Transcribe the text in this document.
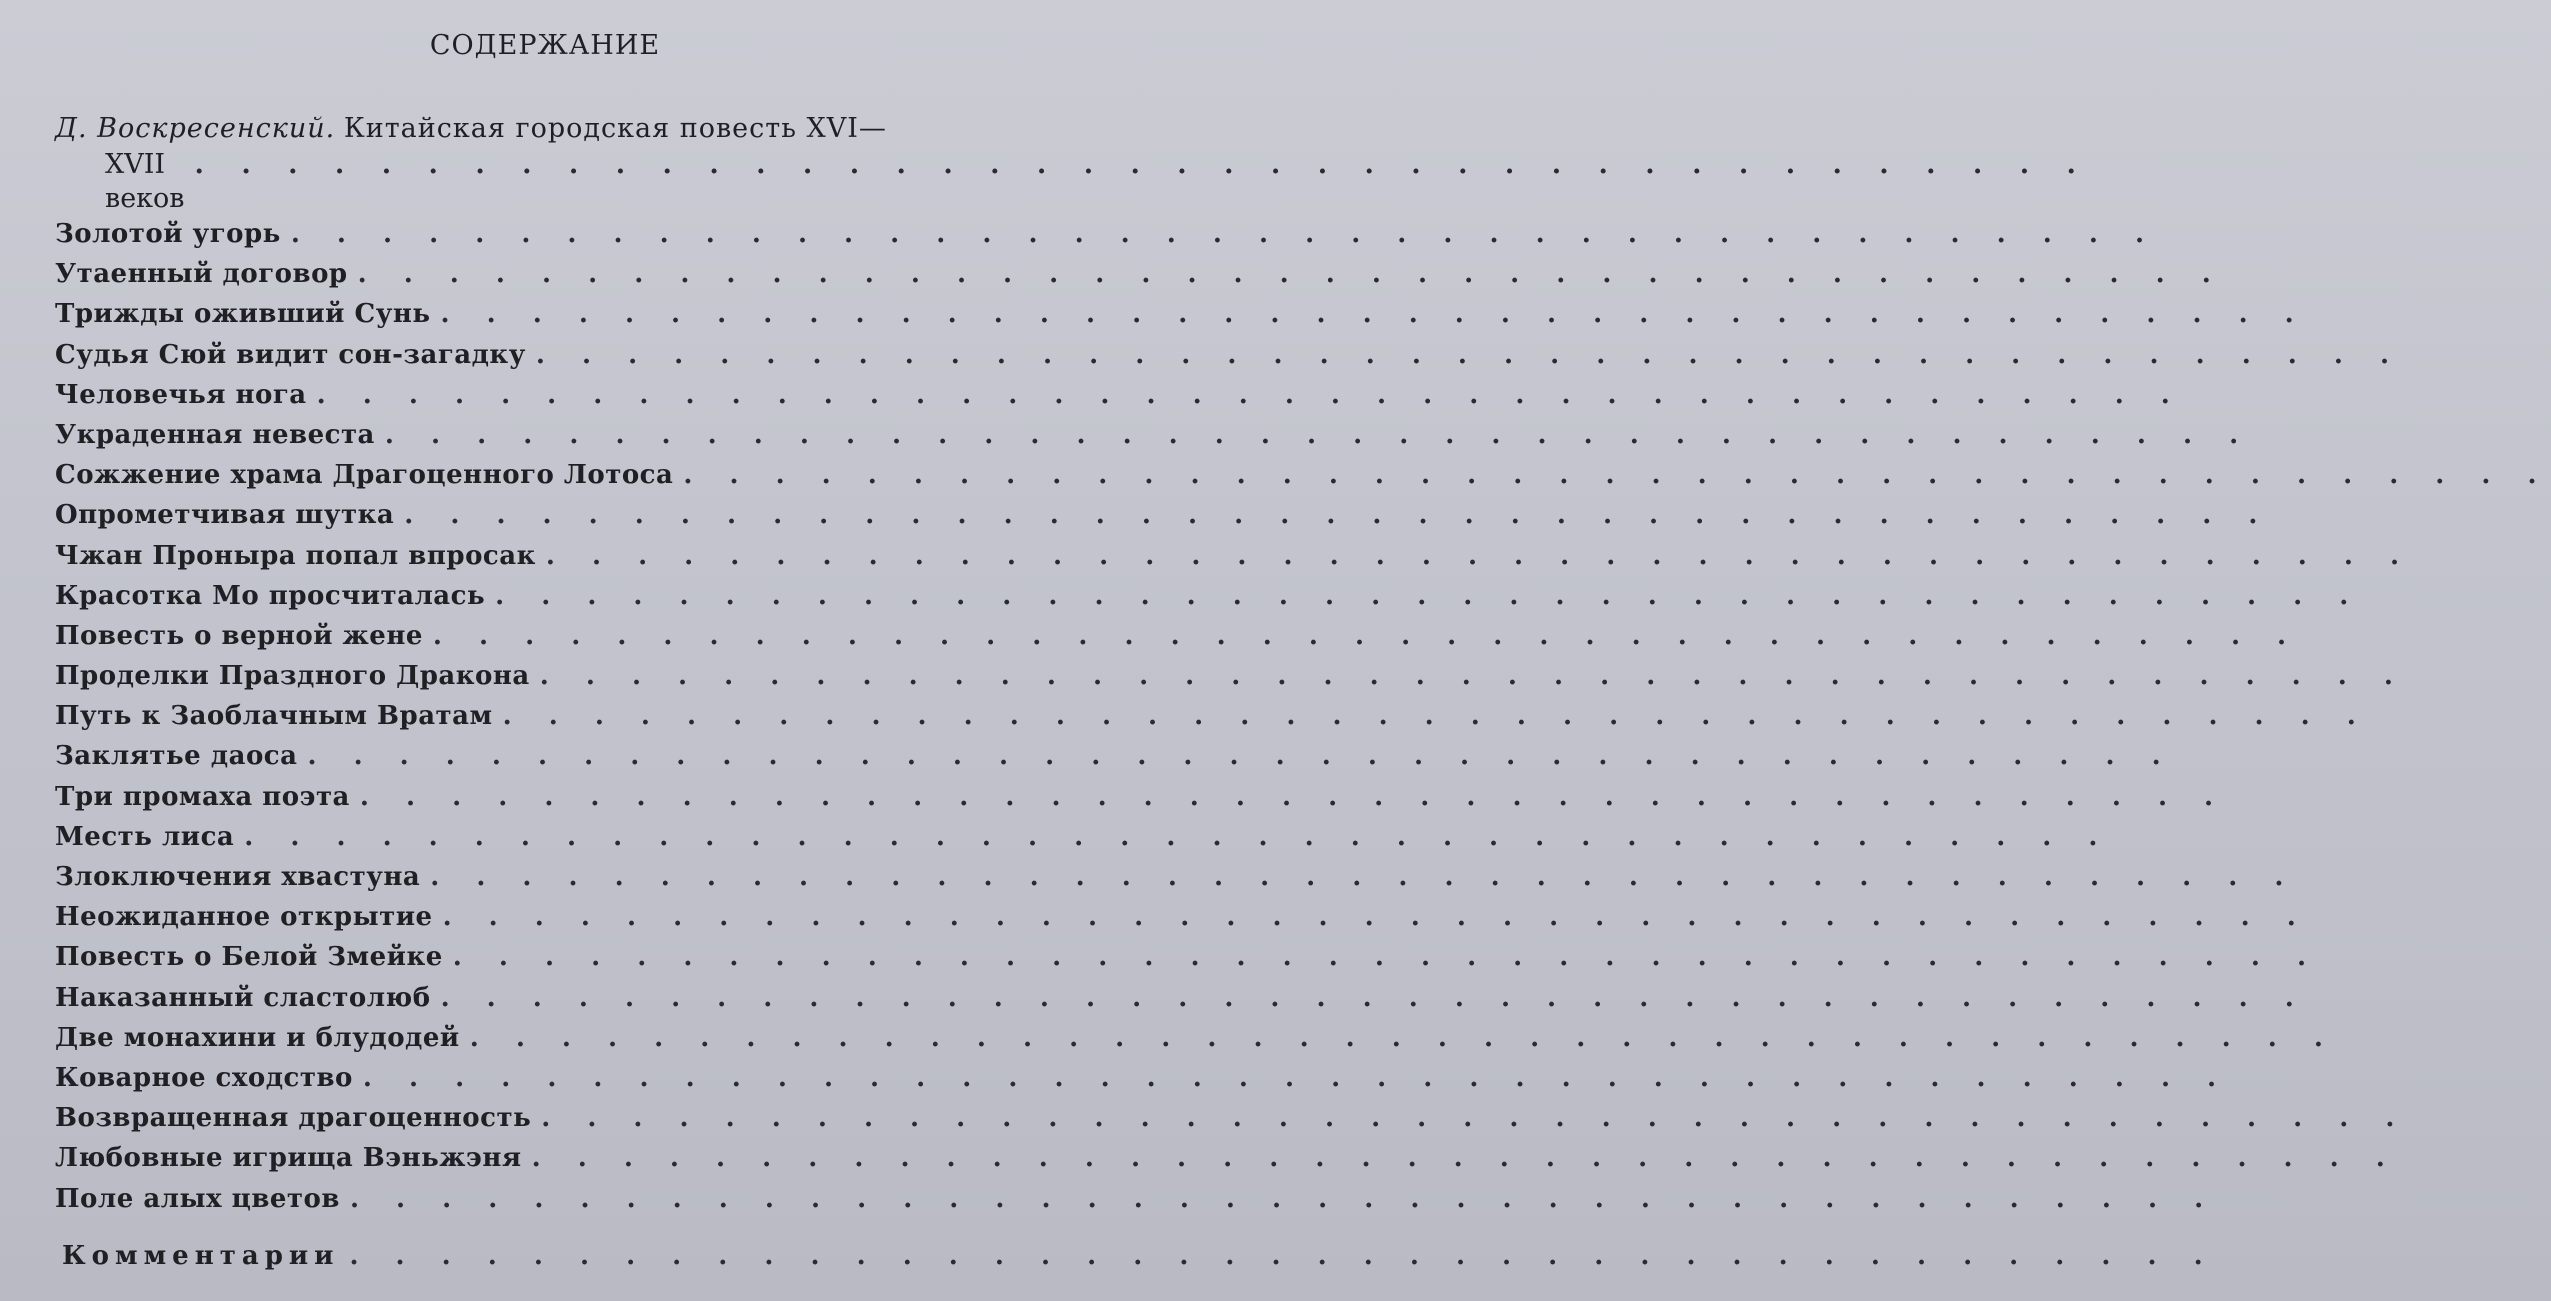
СОДЕРЖАНИЕ
Д. Воскресенский. Китайская городская повесть XVI—
XVII веков
. . . . . . . . . . . . . . . . . . . . . . . . . . . . . . . . . . . . . . . . .
Золотой угорь . . . . . . . . . . . . . . . . . . . . . . . . . . . . . . . . . . . . . . . . .
Утаенный договор . . . . . . . . . . . . . . . . . . . . . . . . . . . . . . . . . . . . . . . . .
Трижды оживший Сунь . . . . . . . . . . . . . . . . . . . . . . . . . . . . . . . . . . . . . . . . .
Судья Сюй видит сон-загадку . . . . . . . . . . . . . . . . . . . . . . . . . . . . . . . . . . . . . . . . .
Человечья нога . . . . . . . . . . . . . . . . . . . . . . . . . . . . . . . . . . . . . . . . .
Украденная невеста . . . . . . . . . . . . . . . . . . . . . . . . . . . . . . . . . . . . . . . . .
Сожжение храма Драгоценного Лотоса . . . . . . . . . . . . . . . . . . . . . . . . . . . . . . . . . . . . . . . . .
Опрометчивая шутка . . . . . . . . . . . . . . . . . . . . . . . . . . . . . . . . . . . . . . . . .
Чжан Проныра попал впросак . . . . . . . . . . . . . . . . . . . . . . . . . . . . . . . . . . . . . . . . .
Красотка Мо просчиталась . . . . . . . . . . . . . . . . . . . . . . . . . . . . . . . . . . . . . . . . .
Повесть о верной жене . . . . . . . . . . . . . . . . . . . . . . . . . . . . . . . . . . . . . . . . .
Проделки Праздного Дракона . . . . . . . . . . . . . . . . . . . . . . . . . . . . . . . . . . . . . . . . .
Путь к Заоблачным Вратам . . . . . . . . . . . . . . . . . . . . . . . . . . . . . . . . . . . . . . . . .
Заклятье даоса . . . . . . . . . . . . . . . . . . . . . . . . . . . . . . . . . . . . . . . . .
Три промаха поэта . . . . . . . . . . . . . . . . . . . . . . . . . . . . . . . . . . . . . . . . .
Месть лиса . . . . . . . . . . . . . . . . . . . . . . . . . . . . . . . . . . . . . . . . .
Злоключения хвастуна . . . . . . . . . . . . . . . . . . . . . . . . . . . . . . . . . . . . . . . . .
Неожиданное открытие . . . . . . . . . . . . . . . . . . . . . . . . . . . . . . . . . . . . . . . . .
Повесть о Белой Змейке . . . . . . . . . . . . . . . . . . . . . . . . . . . . . . . . . . . . . . . . .
Наказанный сластолюб . . . . . . . . . . . . . . . . . . . . . . . . . . . . . . . . . . . . . . . . .
Две монахини и блудодей . . . . . . . . . . . . . . . . . . . . . . . . . . . . . . . . . . . . . . . . .
Коварное сходство . . . . . . . . . . . . . . . . . . . . . . . . . . . . . . . . . . . . . . . . .
Возвращенная драгоценность . . . . . . . . . . . . . . . . . . . . . . . . . . . . . . . . . . . . . . . . .
Любовные игрища Вэньжэня . . . . . . . . . . . . . . . . . . . . . . . . . . . . . . . . . . . . . . . . .
Поле алых цветов . . . . . . . . . . . . . . . . . . . . . . . . . . . . . . . . . . . . . . . . .
Комментарии . . . . . . . . . . . . . . . . . . . . . . . . . . . . . . . . . . . . . . . . .
